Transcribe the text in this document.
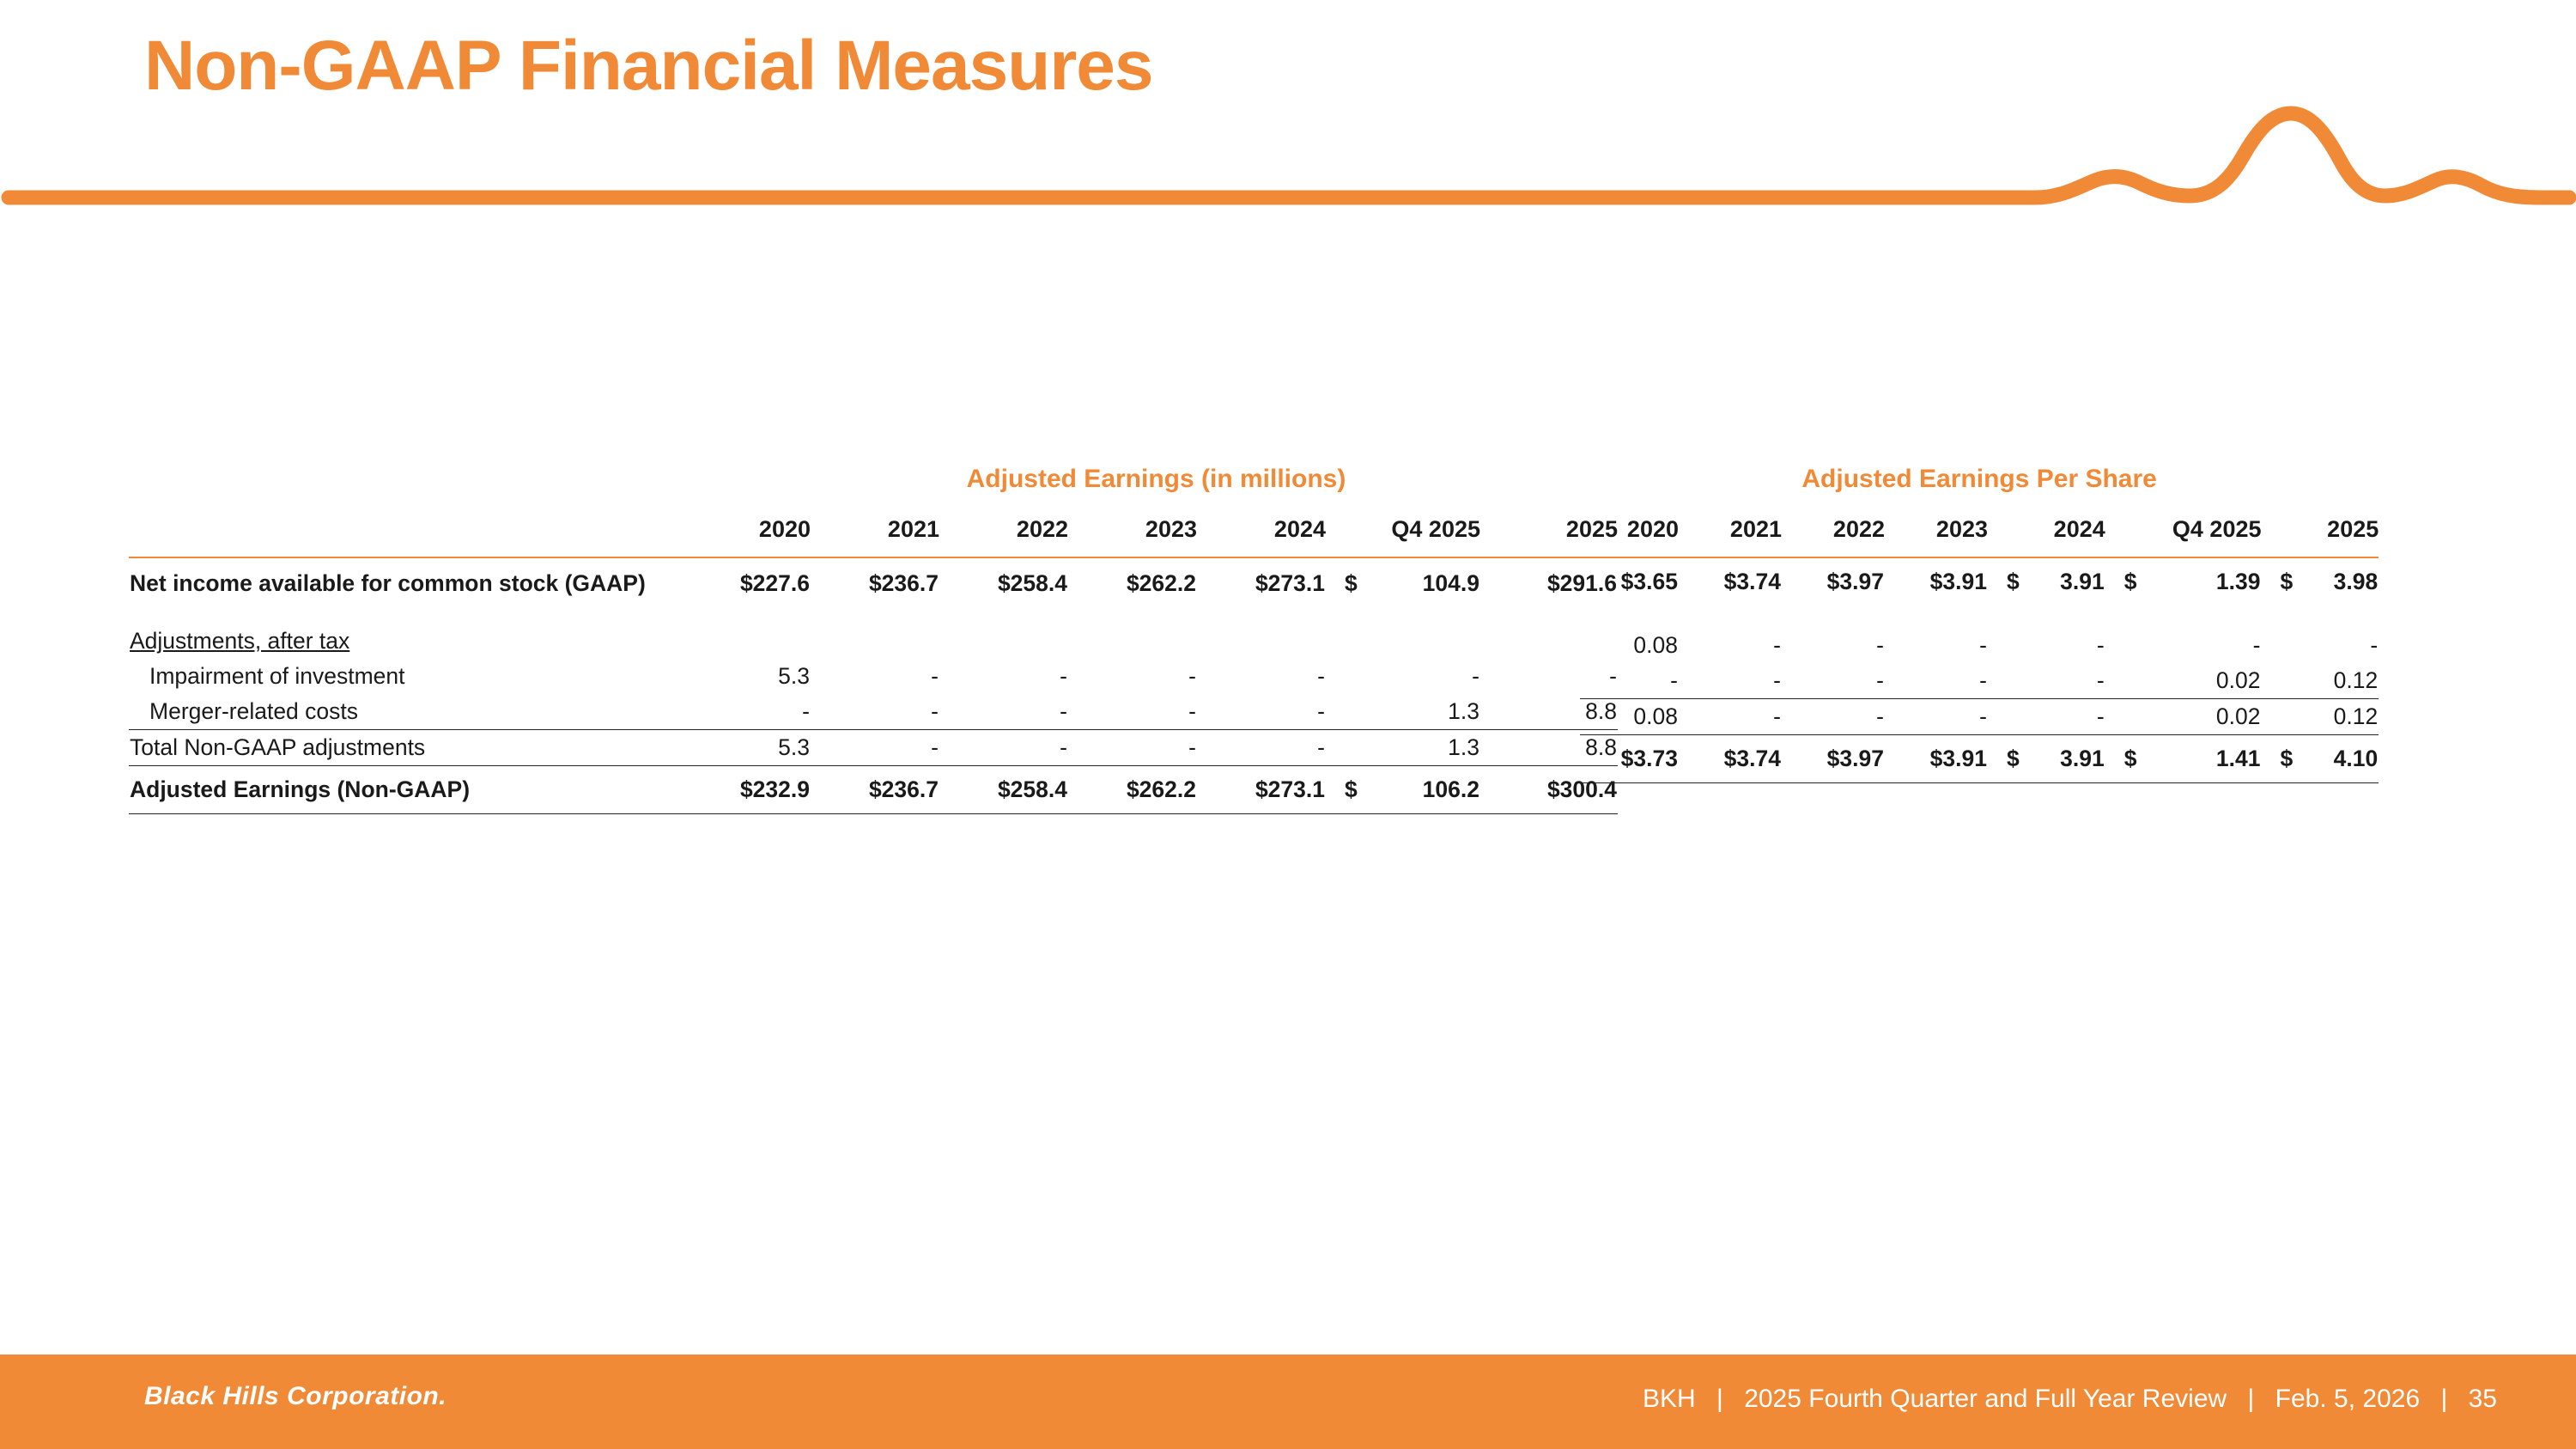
Non-GAAP Financial Measures
	Adjusted Earnings (in millions)							
	2020	2021	2022	2023	2024		Q4 2025	2025
Net income available for common stock (GAAP)	$227.6	$236.7	$258.4	$262.2	$273.1	$	104.9	$291.6

Adjustments, after tax								
Impairment of investment	5.3	-	-	-	-		-	-
Merger-related costs	-	-	-	-	-		1.3	8.8
Total Non-GAAP adjustments	5.3	-	-	-	-		1.3	8.8
Adjusted Earnings (Non-GAAP)	$232.9	$236.7	$258.4	$262.2	$273.1	$	106.2	$300.4
Adjusted Earnings Per Share									
2020	2021	2022	2023		2024		Q4 2025		2025
$3.65	$3.74	$3.97	$3.91	$	3.91	$	1.39	$	3.98

0.08	-	-	-		-		-		-
-	-	-	-		-		0.02		0.12
0.08	-	-	-		-		0.02		0.12
$3.73	$3.74	$3.97	$3.91	$	3.91	$	1.41	$	4.10
Black Hills Corporation.	BKH | 2025 Fourth Quarter and Full Year Review | Feb. 5, 2026 | 35
